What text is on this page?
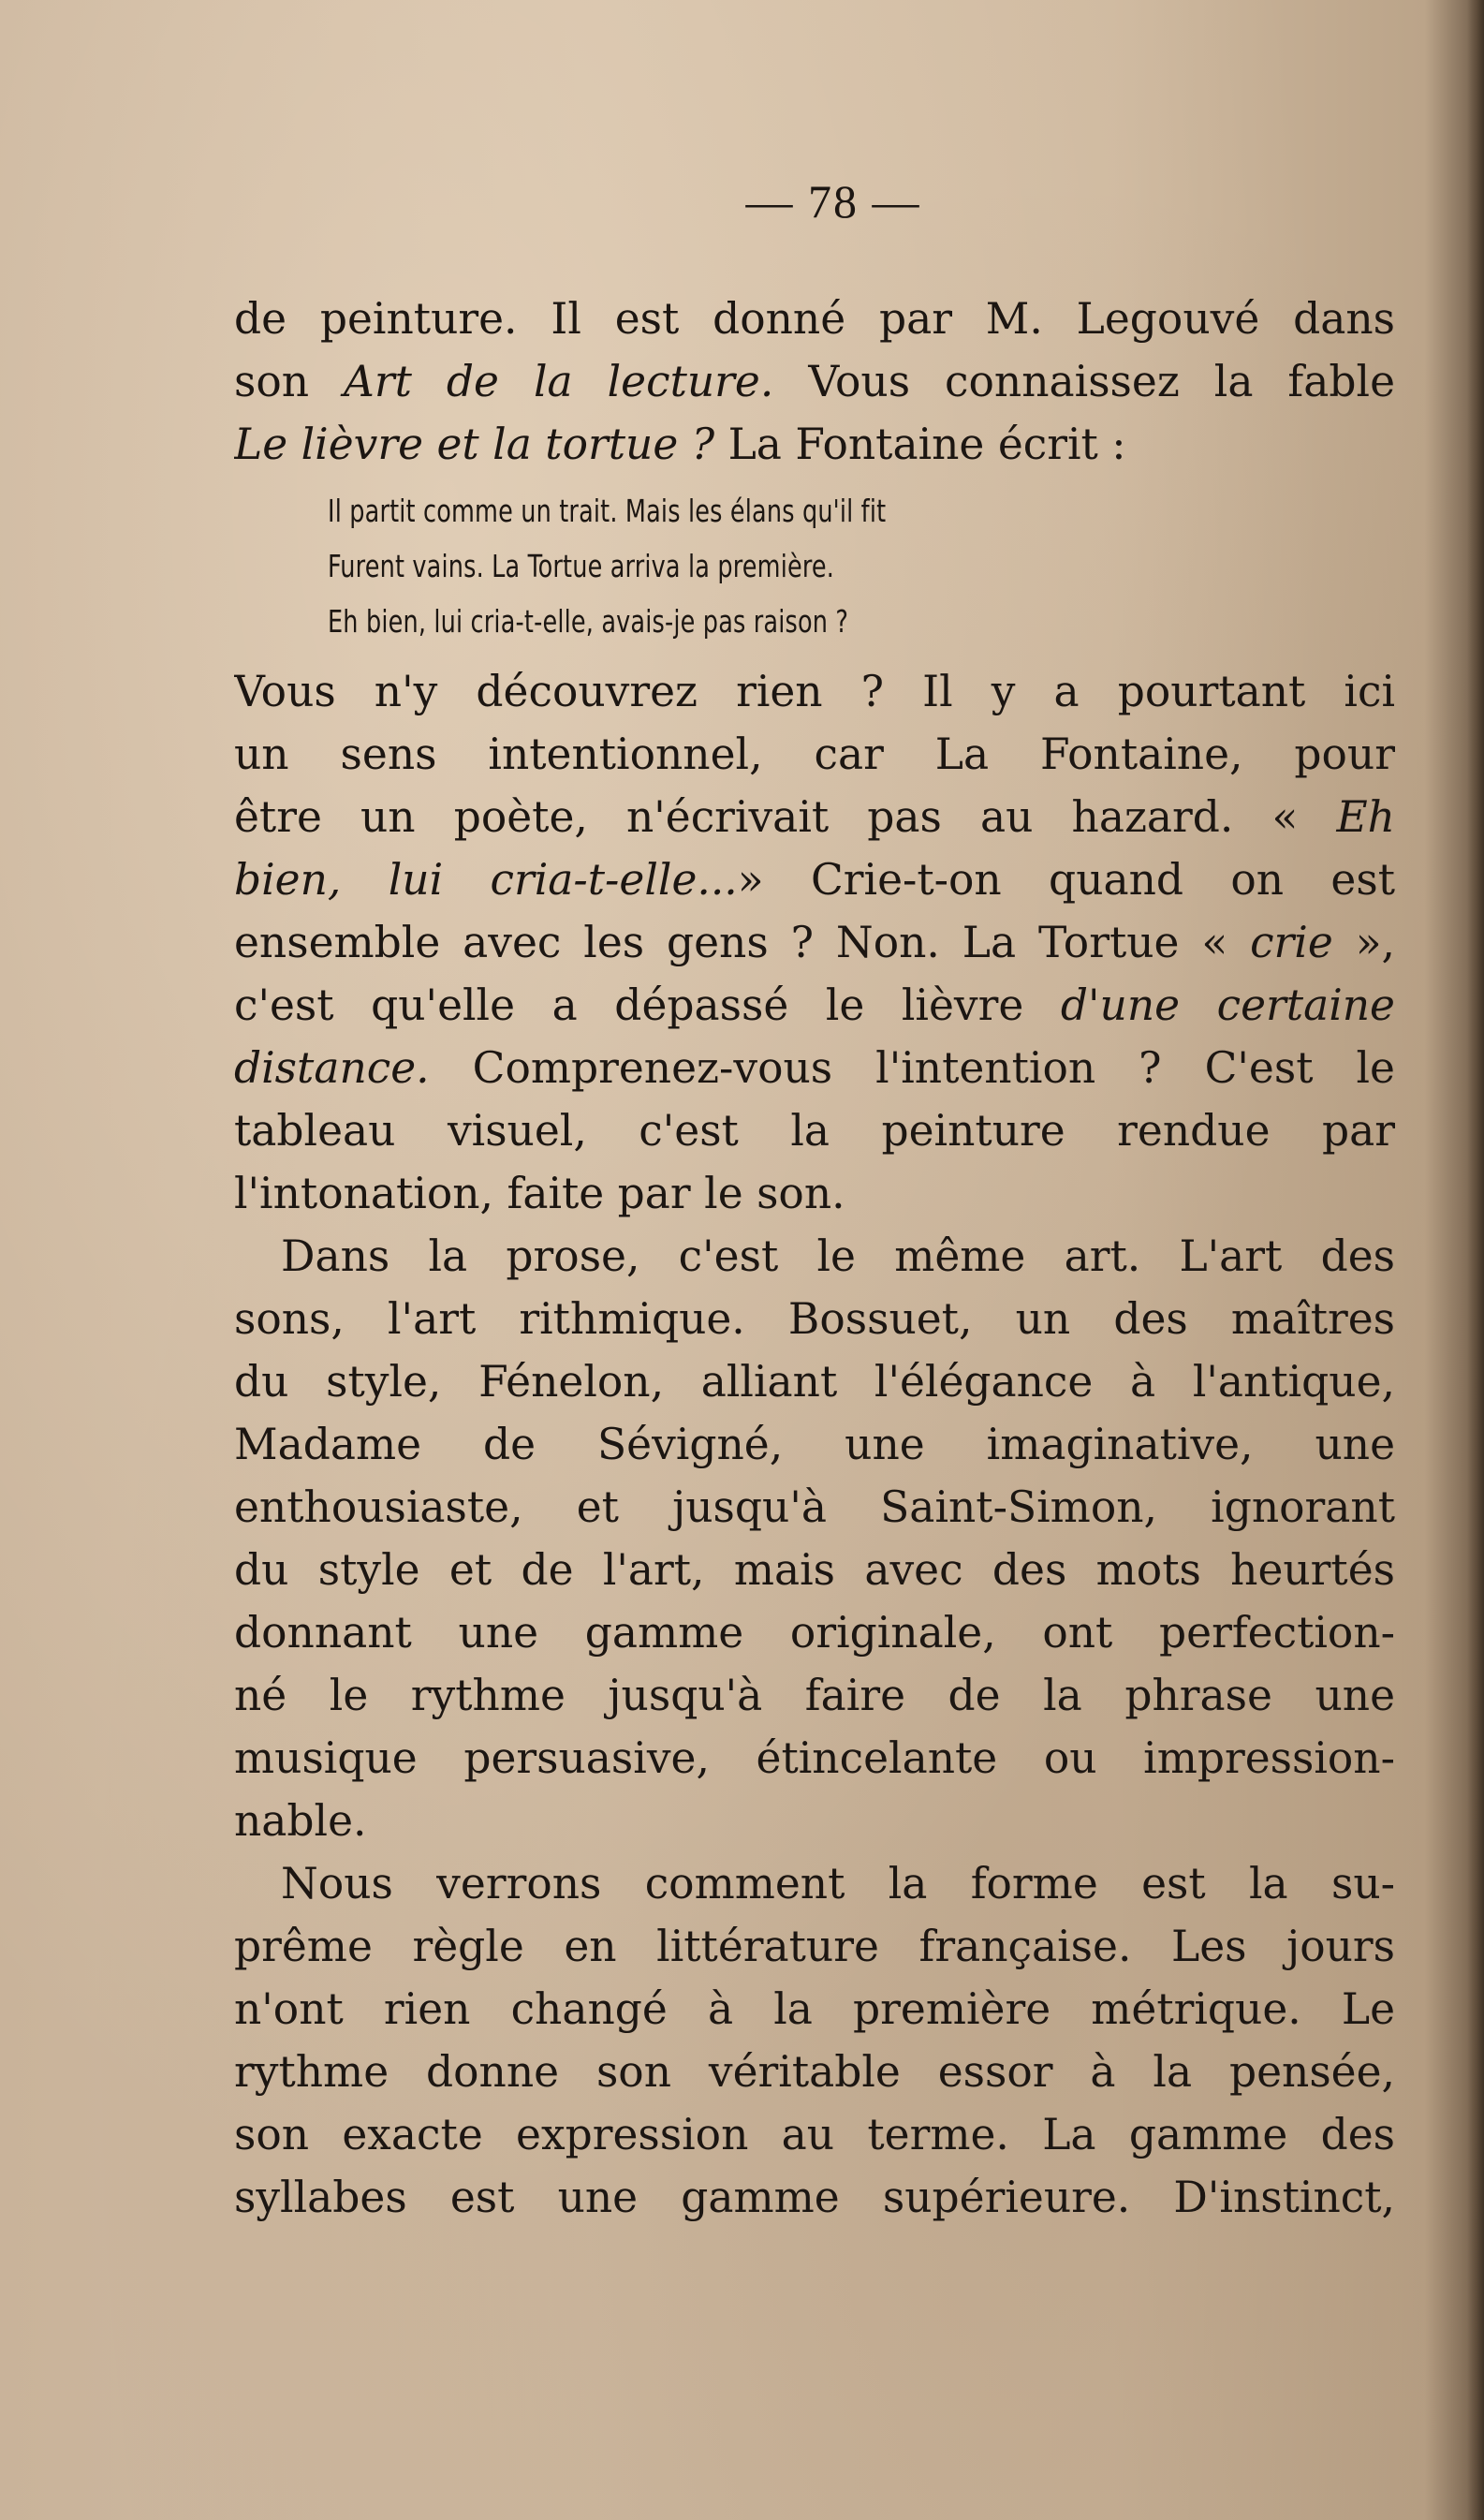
— 78 —
de peinture. Il est donné par M. Legouvé dans
son Art de la lecture. Vous connaissez la fable
Le lièvre et la tortue ? La Fontaine écrit :
Il partit comme un trait. Mais les élans qu'il fit
Furent vains. La Tortue arriva la première.
Eh bien, lui cria-t-elle, avais-je pas raison ?
Vous n'y découvrez rien ? Il y a pourtant ici
un sens intentionnel, car La Fontaine, pour
être un poète, n'écrivait pas au hazard. « Eh
bien, lui cria-t-elle...» Crie-t-on quand on est
ensemble avec les gens ? Non. La Tortue « crie »,
c'est qu'elle a dépassé le lièvre d'une certaine
distance. Comprenez-vous l'intention ? C'est le
tableau visuel, c'est la peinture rendue par
l'intonation, faite par le son.
Dans la prose, c'est le même art. L'art des
sons, l'art rithmique. Bossuet, un des maîtres
du style, Fénelon, alliant l'élégance à l'antique,
Madame de Sévigné, une imaginative, une
enthousiaste, et jusqu'à Saint-Simon, ignorant
du style et de l'art, mais avec des mots heurtés
donnant une gamme originale, ont perfection-
né le rythme jusqu'à faire de la phrase une
musique persuasive, étincelante ou impression-
nable.
Nous verrons comment la forme est la su-
prême règle en littérature française. Les jours
n'ont rien changé à la première métrique. Le
rythme donne son véritable essor à la pensée,
son exacte expression au terme. La gamme des
syllabes est une gamme supérieure. D'instinct,
